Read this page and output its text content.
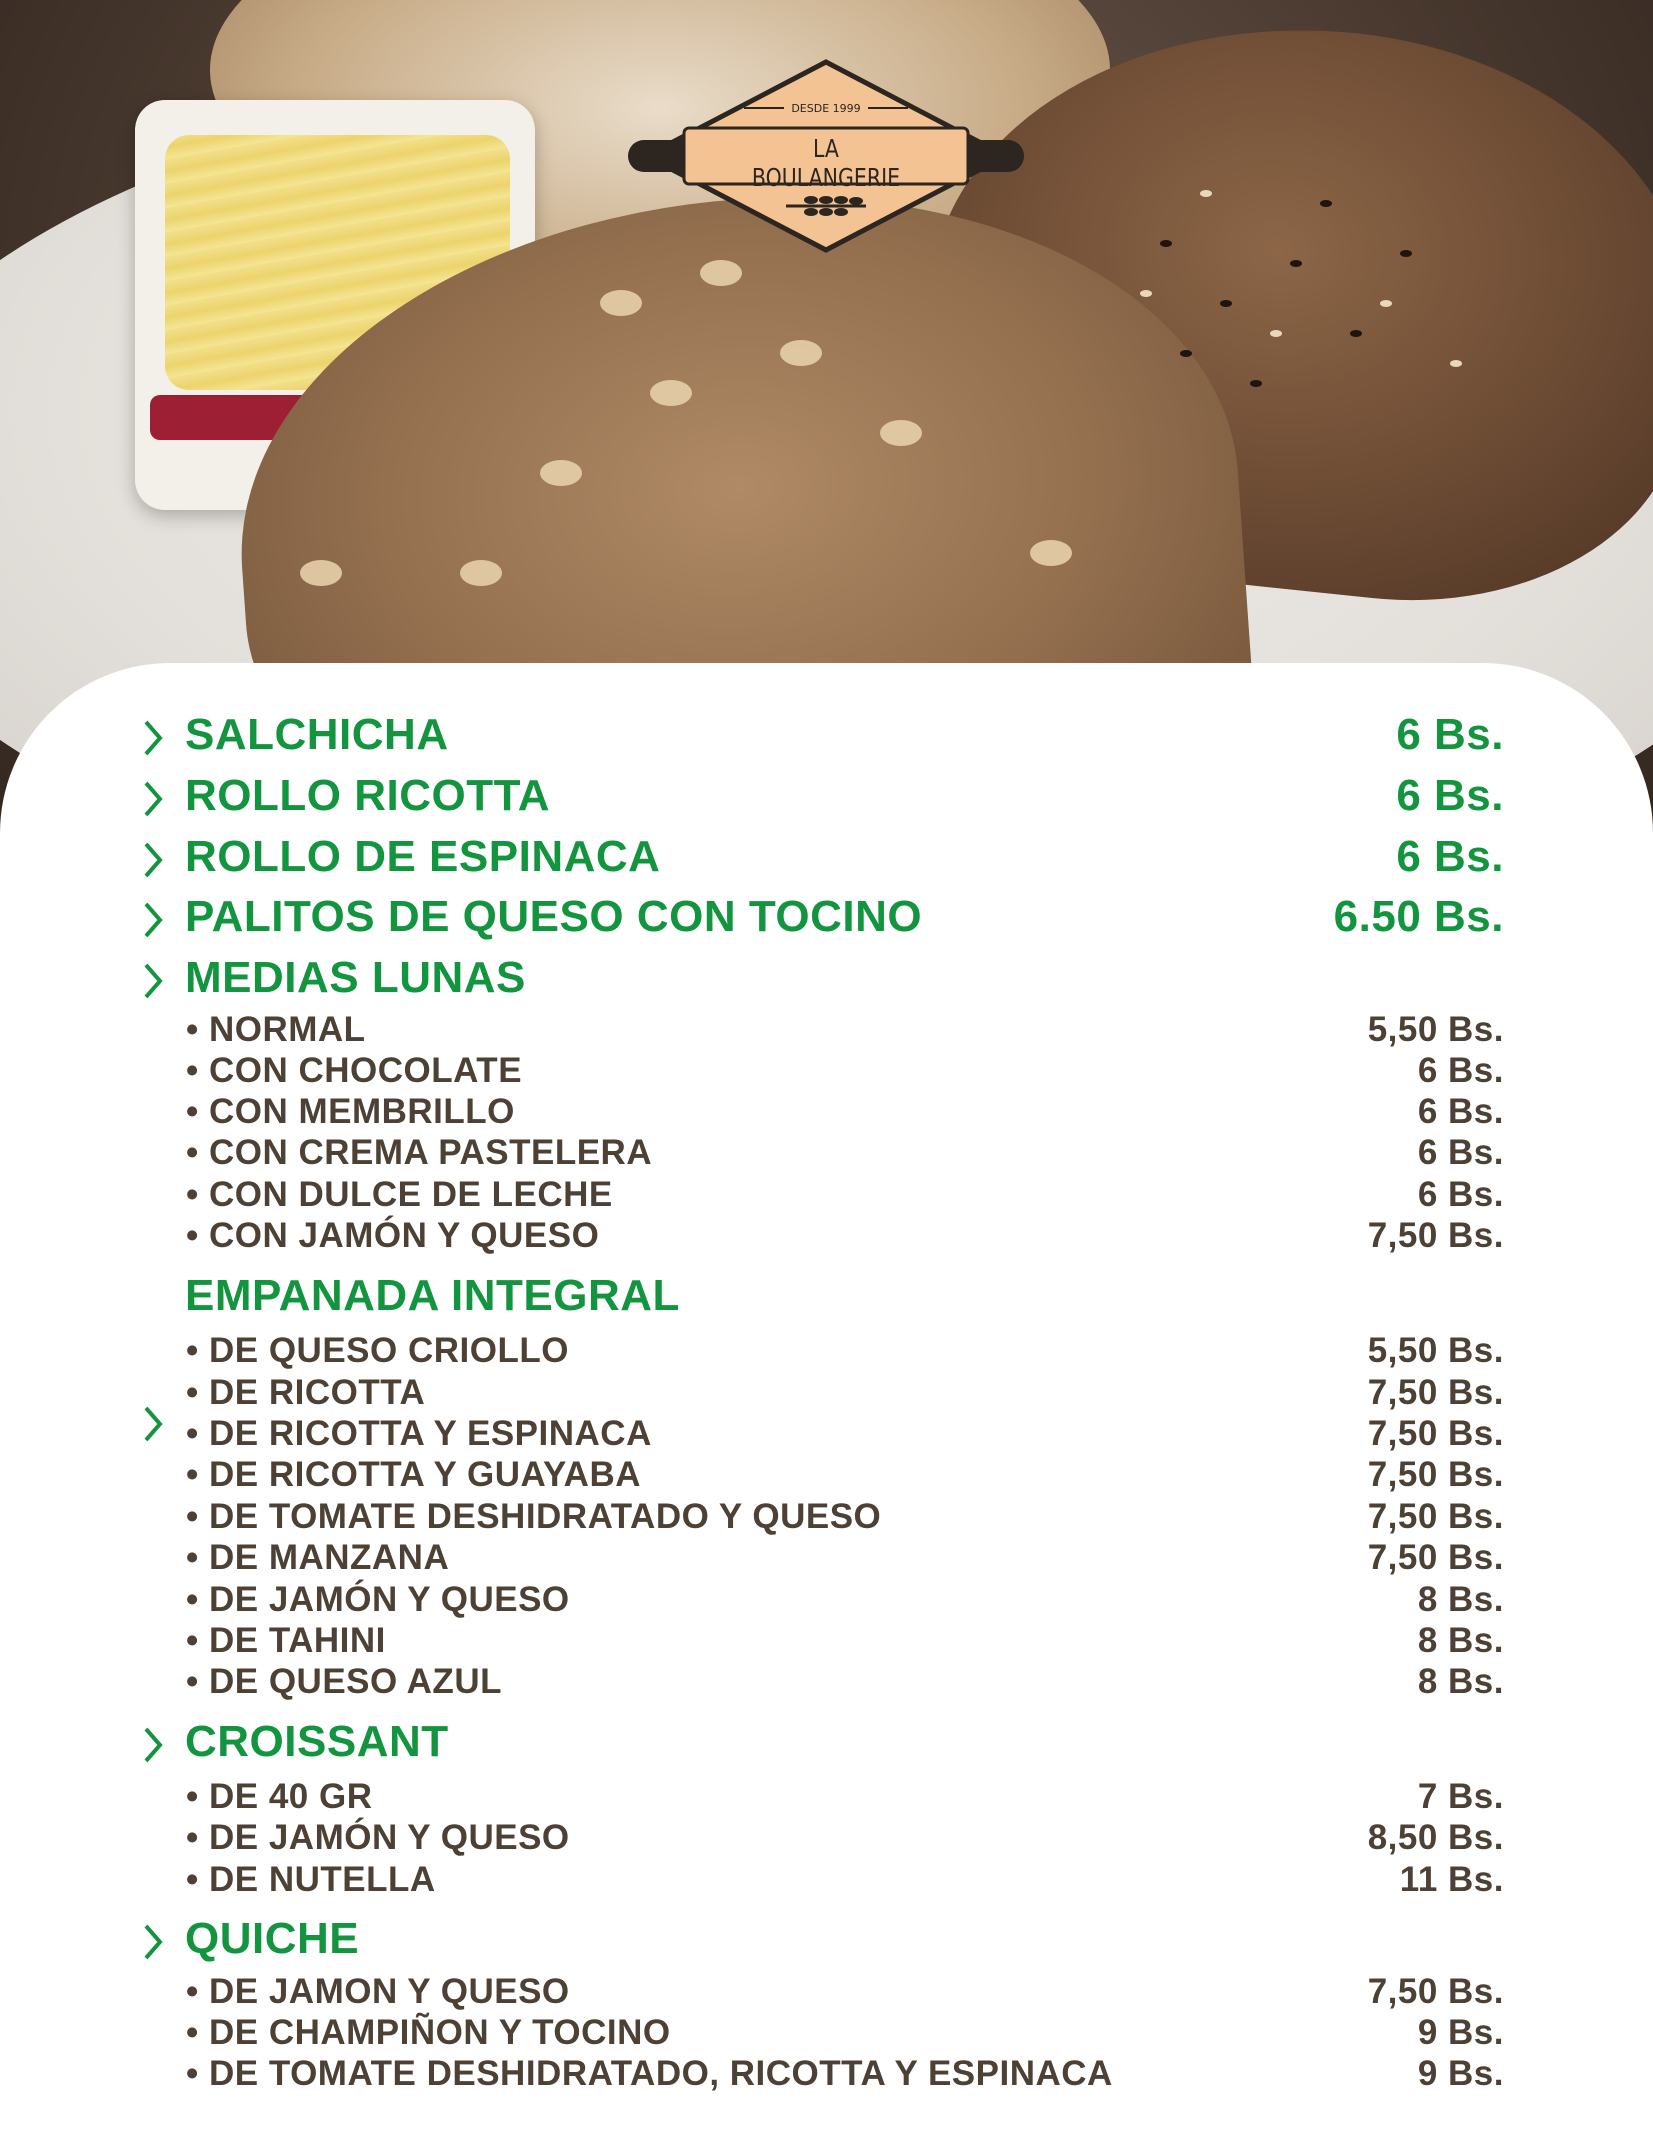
DESDE 1999
LA BOULANGERIE
SALCHICHA	6 Bs.
ROLLO RICOTTA	6 Bs.
ROLLO DE ESPINACA	6 Bs.
PALITOS DE QUESO CON TOCINO	6.50 Bs.
MEDIAS LUNAS
• NORMAL	5,50 Bs.
• CON CHOCOLATE	6 Bs.
• CON MEMBRILLO	6 Bs.
• CON CREMA PASTELERA	6 Bs.
• CON DULCE DE LECHE	6 Bs.
• CON JAMÓN Y QUESO	7,50 Bs.
EMPANADA INTEGRAL
• DE QUESO CRIOLLO	5,50 Bs.
• DE RICOTTA	7,50 Bs.
• DE RICOTTA Y ESPINACA	7,50 Bs.
• DE RICOTTA Y GUAYABA	7,50 Bs.
• DE TOMATE DESHIDRATADO Y QUESO	7,50 Bs.
• DE MANZANA	7,50 Bs.
• DE JAMÓN Y QUESO	8 Bs.
• DE TAHINI	8 Bs.
• DE QUESO AZUL	8 Bs.
CROISSANT
• DE 40 GR	7 Bs.
• DE JAMÓN Y QUESO	8,50 Bs.
• DE NUTELLA	11 Bs.
QUICHE
• DE JAMON Y QUESO	7,50 Bs.
• DE CHAMPIÑON Y TOCINO	9 Bs.
• DE TOMATE DESHIDRATADO, RICOTTA Y ESPINACA	9 Bs.
